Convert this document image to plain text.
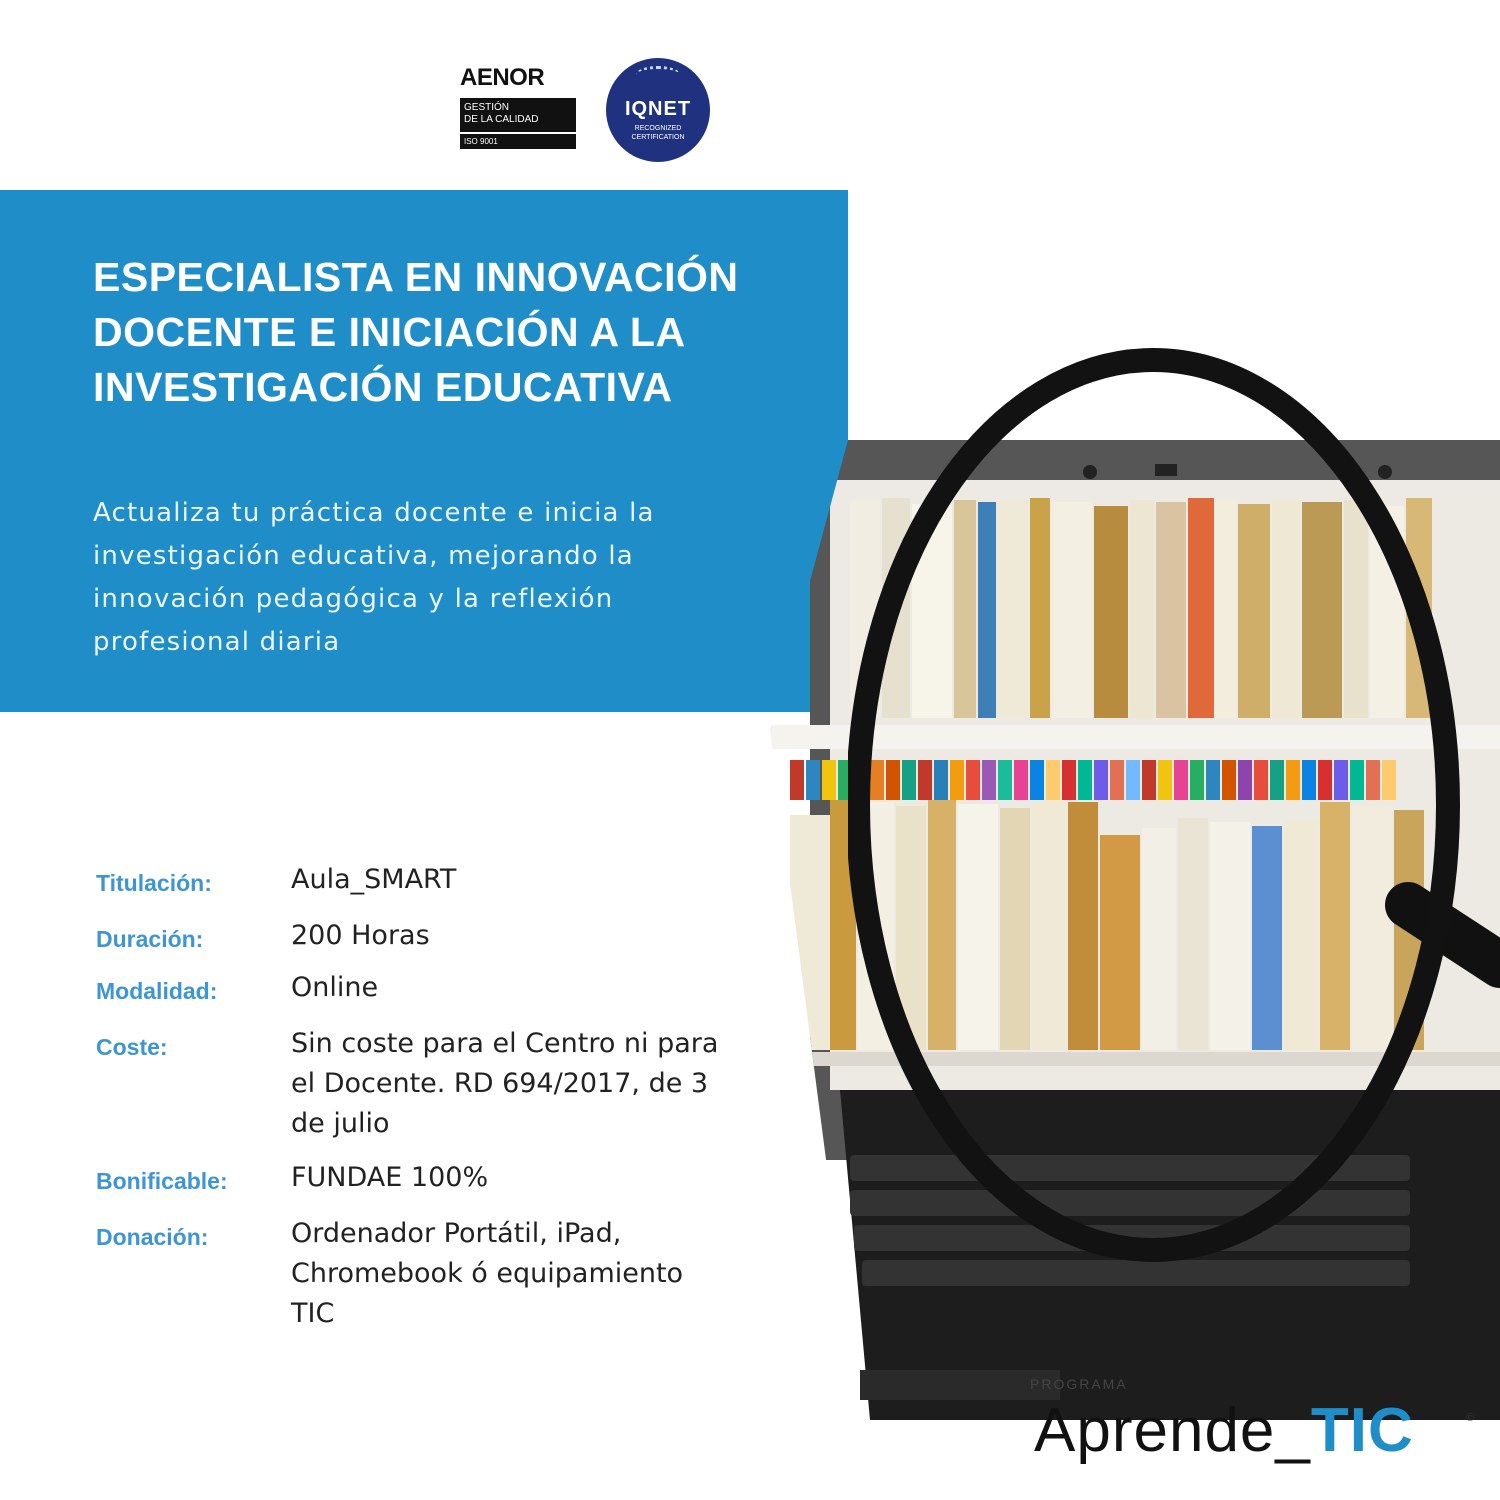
AENOR
GESTIÓN
DE LA CALIDAD
ISO 9001
IQNET
RECOGNIZED
CERTIFICATION
ESPECIALISTA EN INNOVACIÓN DOCENTE E INICIACIÓN A LA INVESTIGACIÓN EDUCATIVA

Actualiza tu práctica docente e inicia la investigación educativa, mejorando la innovación pedagógica y la reflexión profesional diaria

Titulación:	Aula_SMART
Duración:	200 Horas
Modalidad:	Online
Coste:	Sin coste para el Centro ni para el Docente. RD 694/2017, de 3 de julio
Bonificable:	FUNDAE 100%
Donación:	Ordenador Portátil, iPad, Chromebook ó equipamiento TIC
PROGRAMA
Aprende_TIC	©
